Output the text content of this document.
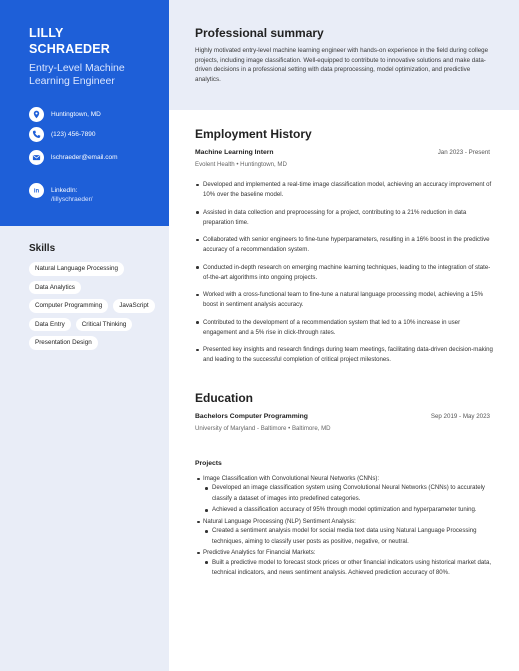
LILLY
SCHRAEDER
Entry-Level Machine Learning Engineer
Huntingtown, MD
(123) 456-7890
lschraeder@email.com
in LinkedIn:
/lillyschraeder/
Skills
Natural Language Processing
Data Analytics
Computer Programming	JavaScript
Data Entry	Critical Thinking
Presentation Design
Professional summary
Highly motivated entry-level machine learning engineer with hands-on experience in the field during college projects, including image classification. Well-equipped to contribute to innovative solutions and make data-driven decisions in a professional setting with data preprocessing, model optimization, and predictive analytics.
Employment History
Machine Learning Intern	Jan 2023 - Present
Evolent Health • Huntingtown, MD
Developed and implemented a real-time image classification model, achieving an accuracy improvement of 10% over the baseline model.
Assisted in data collection and preprocessing for a project, contributing to a 21% reduction in data preparation time.
Collaborated with senior engineers to fine-tune hyperparameters, resulting in a 16% boost in the predictive accuracy of a recommendation system.
Conducted in-depth research on emerging machine learning techniques, leading to the integration of state-of-the-art algorithms into ongoing projects.
Worked with a cross-functional team to fine-tune a natural language processing model, achieving a 15% boost in sentiment analysis accuracy.
Contributed to the development of a recommendation system that led to a 10% increase in user engagement and a 5% rise in click-through rates.
Presented key insights and research findings during team meetings, facilitating data-driven decision-making and leading to the successful completion of critical project milestones.
Education
Bachelors Computer Programming	Sep 2019 - May 2023
University of Maryland - Baltimore • Baltimore, MD
Projects
Image Classification with Convolutional Neural Networks (CNNs):
Developed an image classification system using Convolutional Neural Networks (CNNs) to accurately classify a dataset of images into predefined categories.
Achieved a classification accuracy of 95% through model optimization and hyperparameter tuning.
Natural Language Processing (NLP) Sentiment Analysis:
Created a sentiment analysis model for social media text data using Natural Language Processing techniques, aiming to classify user posts as positive, negative, or neutral.
Predictive Analytics for Financial Markets:
Built a predictive model to forecast stock prices or other financial indicators using historical market data, technical indicators, and news sentiment analysis. Achieved prediction accuracy of 80%.
